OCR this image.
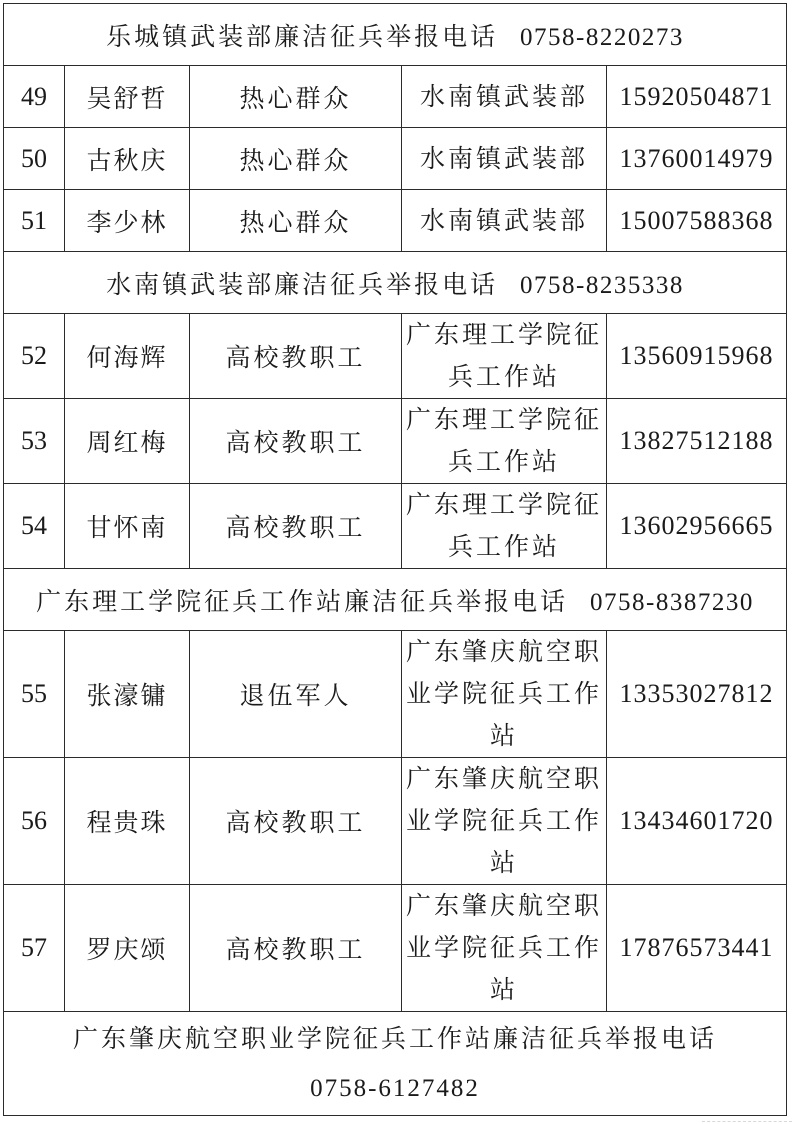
乐城镇武装部廉洁征兵举报电话 0758-8220273				
49	吴舒哲	热心群众	水南镇武装部	15920504871
50	古秋庆	热心群众	水南镇武装部	13760014979
51	李少林	热心群众	水南镇武装部	15007588368
水南镇武装部廉洁征兵举报电话 0758-8235338				
52	何海辉	高校教职工	广东理工学院征兵工作站	13560915968
53	周红梅	高校教职工	广东理工学院征兵工作站	13827512188
54	甘怀南	高校教职工	广东理工学院征兵工作站	13602956665
广东理工学院征兵工作站廉洁征兵举报电话 0758-8387230				
55	张濠镛	退伍军人	广东肇庆航空职业学院征兵工作站	13353027812
56	程贵珠	高校教职工	广东肇庆航空职业学院征兵工作站	13434601720
57	罗庆颂	高校教职工	广东肇庆航空职业学院征兵工作站	17876573441

广东肇庆航空职业学院征兵工作站廉洁征兵举报电话
0758-6127482				
